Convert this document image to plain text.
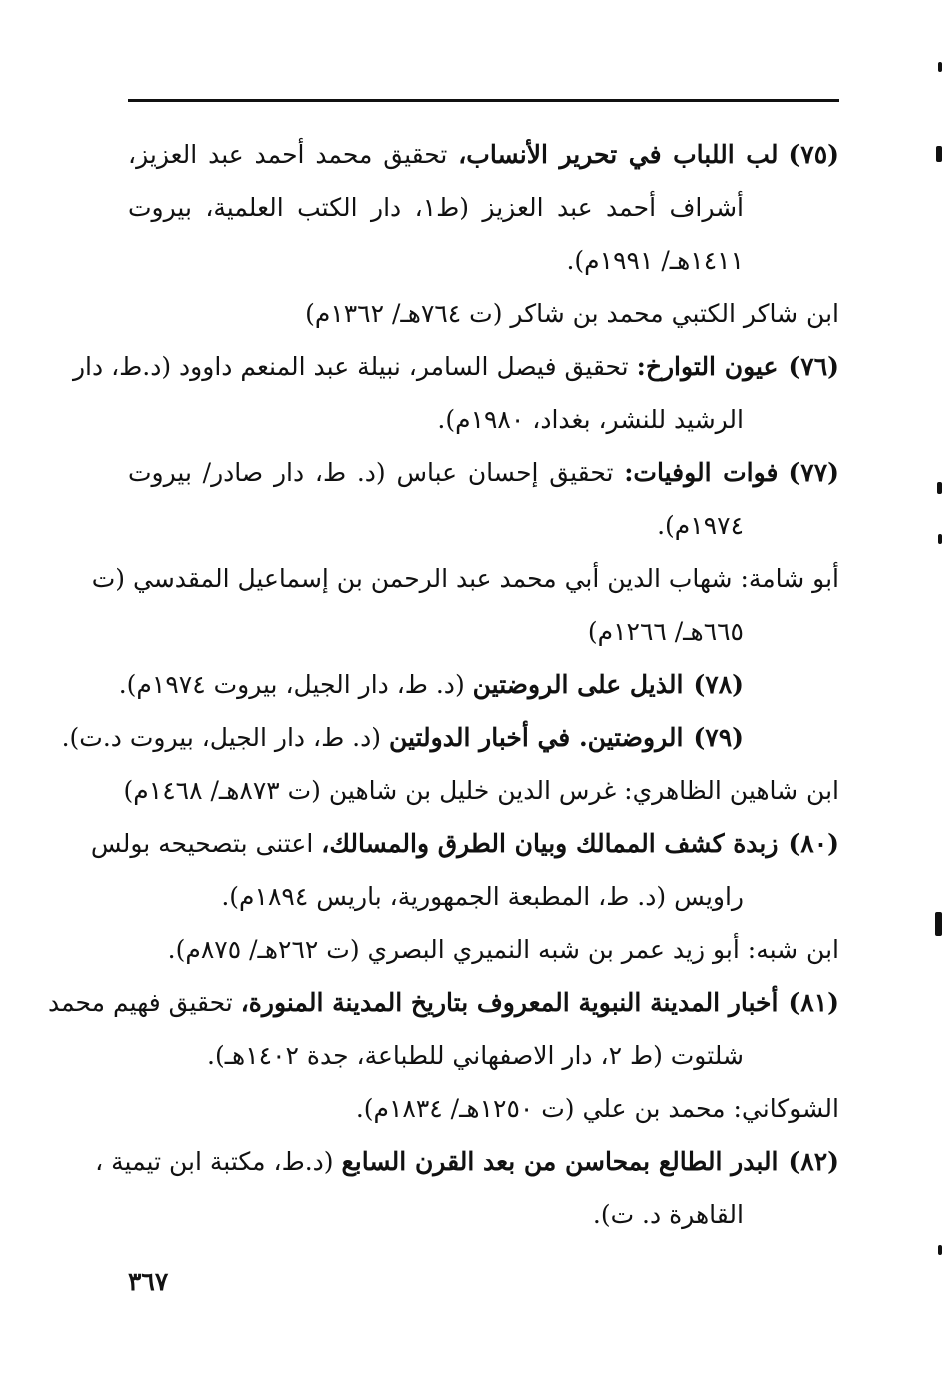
(٧٥)لب اللباب في تحرير الأنساب، تحقيق محمد أحمد عبد العزيز،
أشراف أحمد عبد العزيز (ط١، دار الكتب العلمية، بيروت
١٤١١هـ/ ١٩٩١م).
ابن شاكر الكتبي محمد بن شاكر (ت ٧٦٤هـ/ ١٣٦٢م)
(٧٦)عيون التوارخ: تحقيق فيصل السامر، نبيلة عبد المنعم داوود (د.ط، دار
الرشيد للنشر، بغداد، ١٩٨٠م).
(٧٧)فوات الوفيات: تحقيق إحسان عباس (د. ط، دار صادر/ بيروت
١٩٧٤م).
أبو شامة: شهاب الدين أبي محمد عبد الرحمن بن إسماعيل المقدسي (ت
٦٦٥هـ/ ١٢٦٦م)
(٧٨)الذيل على الروضتين (د. ط، دار الجيل، بيروت ١٩٧٤م).
(٧٩)الروضتين. في أخبار الدولتين (د. ط، دار الجيل، بيروت د.ت).
ابن شاهين الظاهري: غرس الدين خليل بن شاهين (ت ٨٧٣هـ/ ١٤٦٨م)
(٨٠)زبدة كشف الممالك وبيان الطرق والمسالك، اعتنى بتصحيحه بولس
راويس (د. ط، المطبعة الجمهورية، باريس ١٨٩٤م).
ابن شبه: أبو زيد عمر بن شبه النميري البصري (ت ٢٦٢هـ/ ٨٧٥م).
(٨١)أخبار المدينة النبوية المعروف بتاريخ المدينة المنورة، تحقيق فهيم محمد
شلتوت (ط ٢، دار الاصفهاني للطباعة، جدة ١٤٠٢هـ).
الشوكاني: محمد بن علي (ت ١٢٥٠هـ/ ١٨٣٤م).
(٨٢)البدر الطالع بمحاسن من بعد القرن السابع (د.ط، مكتبة ابن تيمية ،
القاهرة د. ت).
٣٦٧
